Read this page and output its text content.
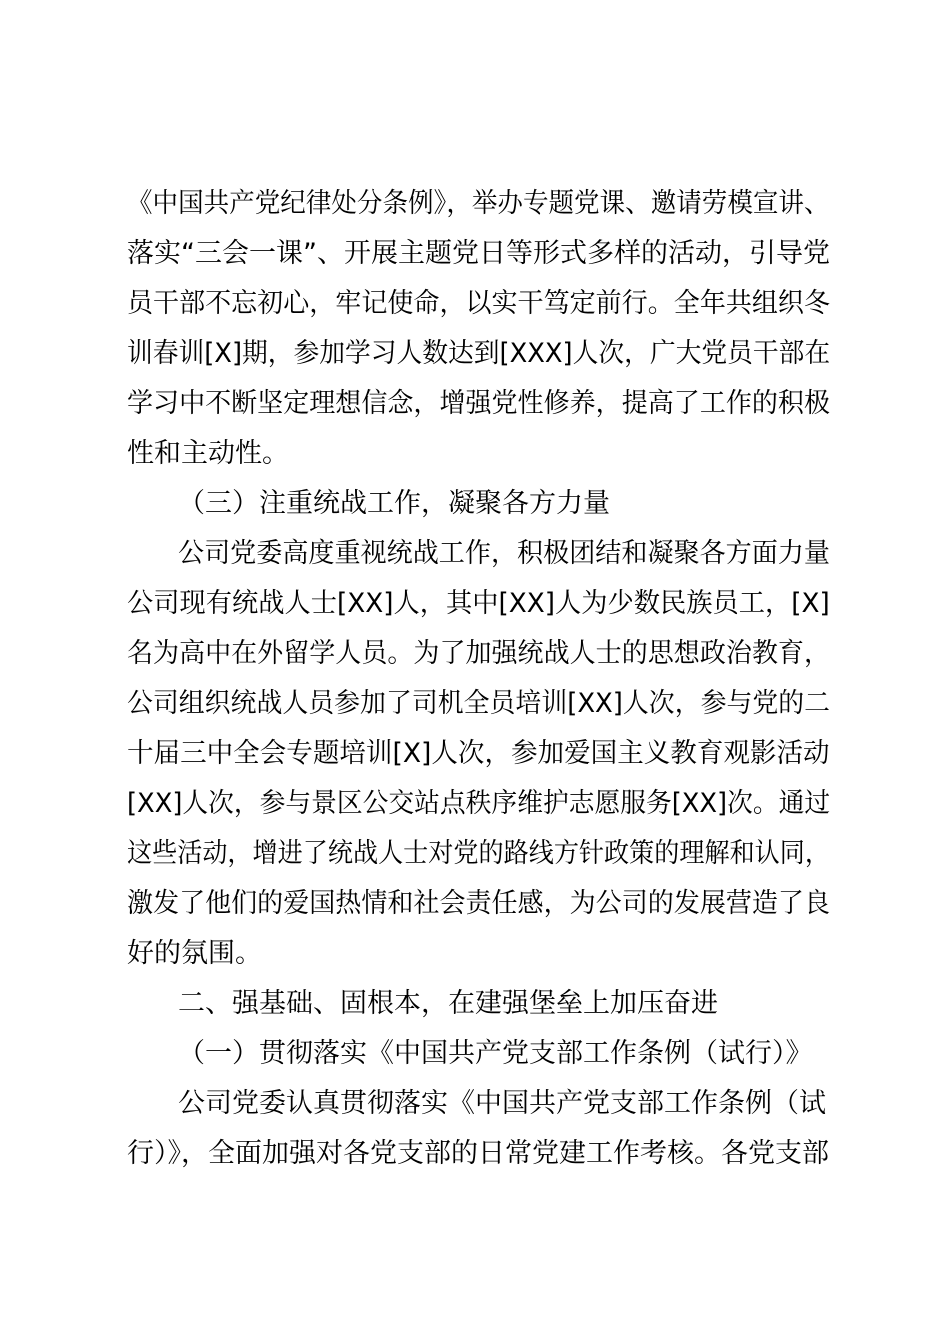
《中国共产党纪律处分条例》，举办专题党课、邀请劳模宣讲、
落实“三会一课”、开展主题党日等形式多样的活动，引导党
员干部不忘初心，牢记使命，以实干笃定前行。全年共组织冬
训春训[X]期，参加学习人数达到[XXX]人次，广大党员干部在
学习中不断坚定理想信念，增强党性修养，提高了工作的积极
性和主动性。
（三）注重统战工作，凝聚各方力量
公司党委高度重视统战工作，积极团结和凝聚各方面力量
公司现有统战人士[XX]人，其中[XX]人为少数民族员工，[X]
名为高中在外留学人员。为了加强统战人士的思想政治教育，
公司组织统战人员参加了司机全员培训[XX]人次，参与党的二
十届三中全会专题培训[X]人次，参加爱国主义教育观影活动
[XX]人次，参与景区公交站点秩序维护志愿服务[XX]次。通过
这些活动，增进了统战人士对党的路线方针政策的理解和认同，
激发了他们的爱国热情和社会责任感，为公司的发展营造了良
好的氛围。
二、强基础、固根本，在建强堡垒上加压奋进
（一）贯彻落实《中国共产党支部工作条例（试行）》
公司党委认真贯彻落实《中国共产党支部工作条例（试
行）》，全面加强对各党支部的日常党建工作考核。各党支部
